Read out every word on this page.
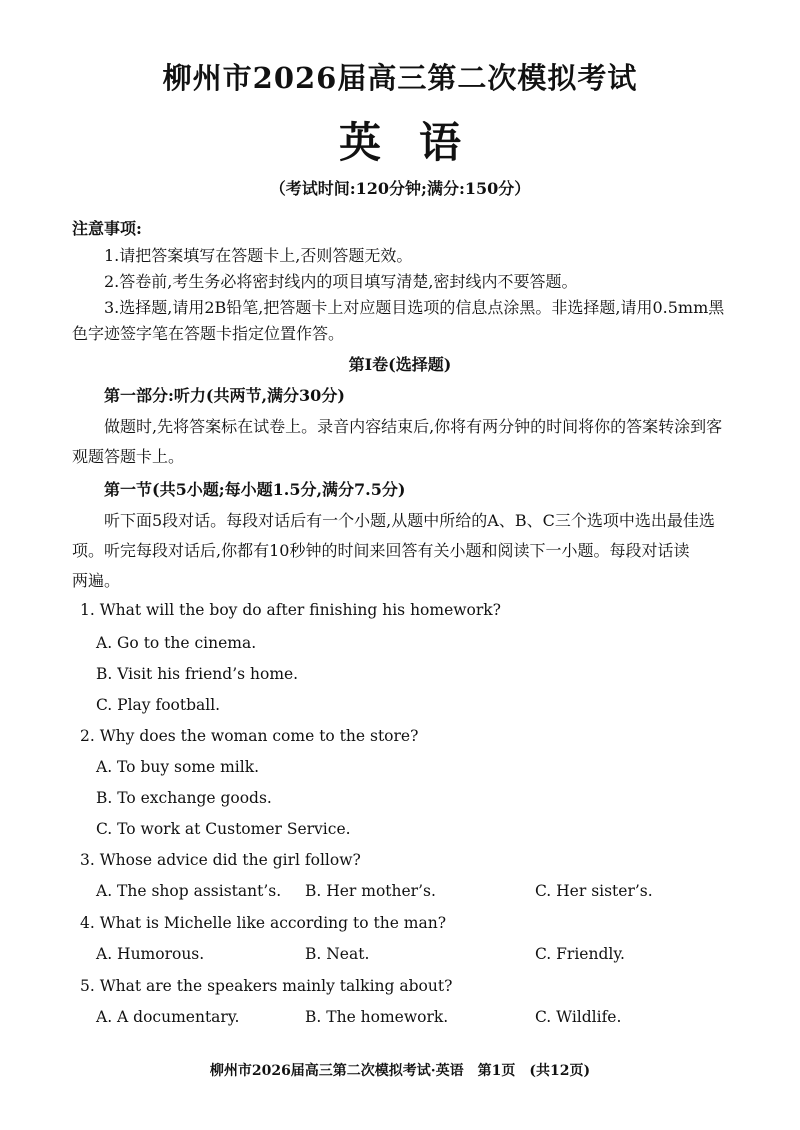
柳州市2026届高三第二次模拟考试
英语
（考试时间:120分钟;满分:150分）
注意事项:
1.请把答案填写在答题卡上,否则答题无效。
2.答卷前,考生务必将密封线内的项目填写清楚,密封线内不要答题。
3.选择题,请用2B铅笔,把答题卡上对应题目选项的信息点涂黑。非选择题,请用0.5mm黑
色字迹签字笔在答题卡指定位置作答。
第Ⅰ卷(选择题)
第一部分:听力(共两节,满分30分)
做题时,先将答案标在试卷上。录音内容结束后,你将有两分钟的时间将你的答案转涂到客
观题答题卡上。
第一节(共5小题;每小题1.5分,满分7.5分)
听下面5段对话。每段对话后有一个小题,从题中所给的A、B、C三个选项中选出最佳选
项。听完每段对话后,你都有10秒钟的时间来回答有关小题和阅读下一小题。每段对话读
两遍。
1. What will the boy do after finishing his homework?
A. Go to the cinema.
B. Visit his friend’s home.
C. Play football.
2. Why does the woman come to the store?
A. To buy some milk.
B. To exchange goods.
C. To work at Customer Service.
3. Whose advice did the girl follow?
A. The shop assistant’s. B. Her mother’s.	C. Her sister’s.
4. What is Michelle like according to the man?
A. Humorous.	B. Neat.	C. Friendly.
5. What are the speakers mainly talking about?
A. A documentary.	B. The homework.	C. Wildlife.
柳州市2026届高三第二次模拟考试·英语　第1页　(共12页)
